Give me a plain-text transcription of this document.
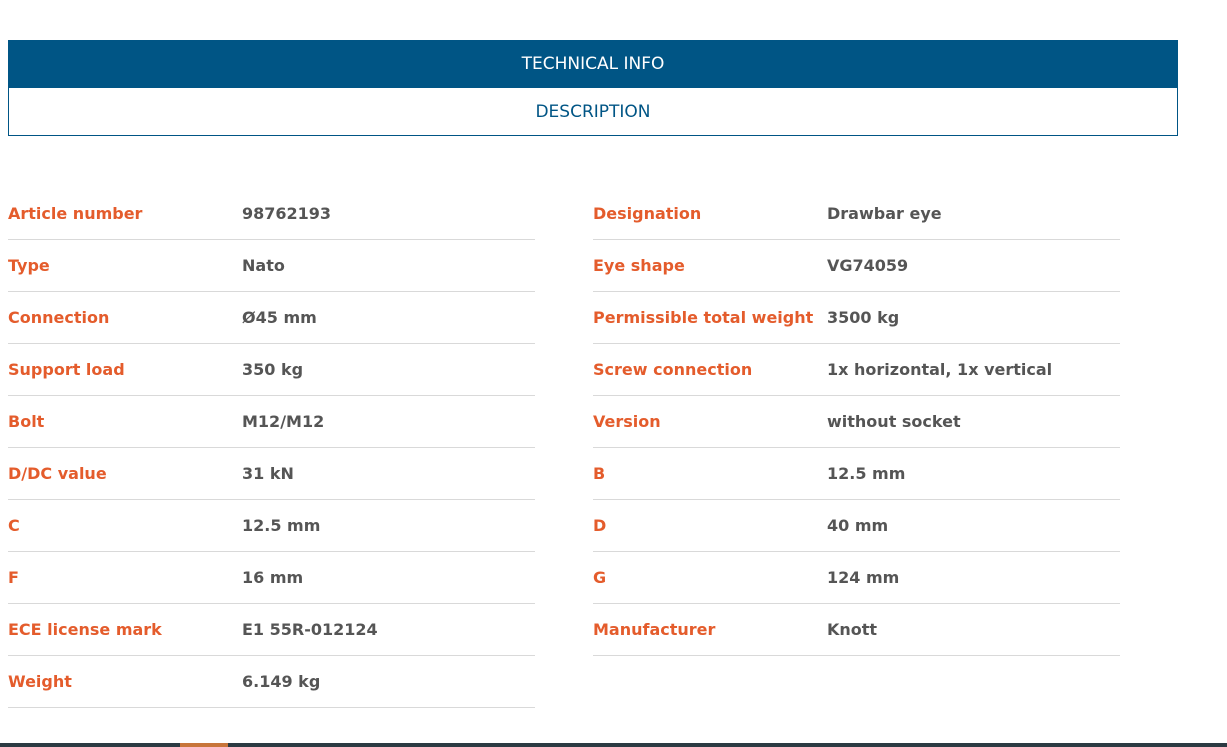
TECHNICAL INFO
DESCRIPTION
Article number	98762193
Type	Nato
Connection	Ø45 mm
Support load	350 kg
Bolt	M12/M12
D/DC value	31 kN
C	12.5 mm
F	16 mm
ECE license mark	E1 55R-012124
Weight	6.149 kg
Designation	Drawbar eye
Eye shape	VG74059
Permissible total weight 3500 kg
Screw connection	1x horizontal, 1x vertical
Version	without socket
B	12.5 mm
D	40 mm
G	124 mm
Manufacturer	Knott
